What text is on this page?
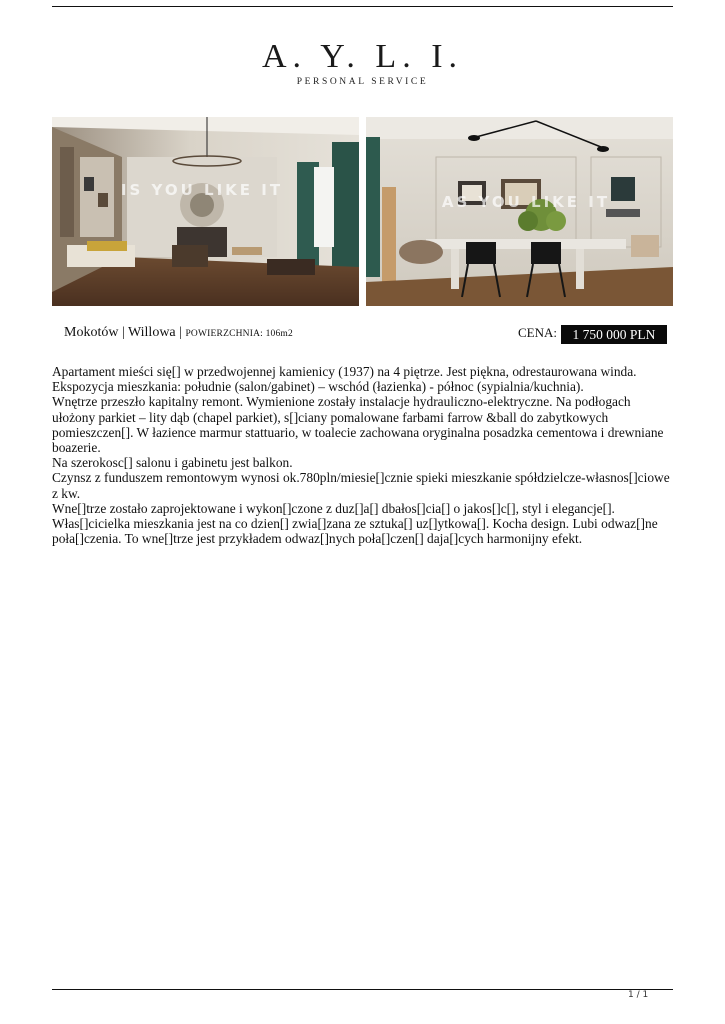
A. Y. L. I.
PERSONAL SERVICE
IS YOU LIKE IT
AS YOU LIKE IT
Mokotów | Willowa | POWIERZCHNIA: 106m2	CENA:	1 750 000 PLN

Apartament mieści się[] w przedwojennej kamienicy (1937) na 4 piętrze. Jest piękna, odrestaurowana winda.

Ekspozycja mieszkania: południe (salon/gabinet) – wschód (łazienka) - północ (sypialnia/kuchnia).

Wnętrze przeszło kapitalny remont. Wymienione zostały instalacje hydrauliczno-elektryczne. Na podłogach ułożony parkiet – lity dąb (chapel parkiet), s[]ciany pomalowane farbami farrow &ball do zabytkowych pomieszczen[]. W łazience marmur stattuario, w toalecie zachowana oryginalna posadzka cementowa i drewniane boazerie.

Na szerokosc[] salonu i gabinetu jest balkon.

Czynsz z funduszem remontowym wynosi ok.780pln/miesie[]cznie spieki mieszkanie spółdzielcze-własnos[]ciowe z kw.

Wne[]trze zostało zaprojektowane i wykon[]czone z duz[]a[] dbałos[]cia[] o jakos[]c[], styl i elegancje[]. Włas[]cicielka mieszkania jest na co dzien[] zwia[]zana ze sztuka[] uz[]ytkowa[]. Kocha design. Lubi odwaz[]ne poła[]czenia. To wne[]trze jest przykładem odwaz[]nych poła[]czen[] daja[]cych harmonijny efekt.

1 / 1
